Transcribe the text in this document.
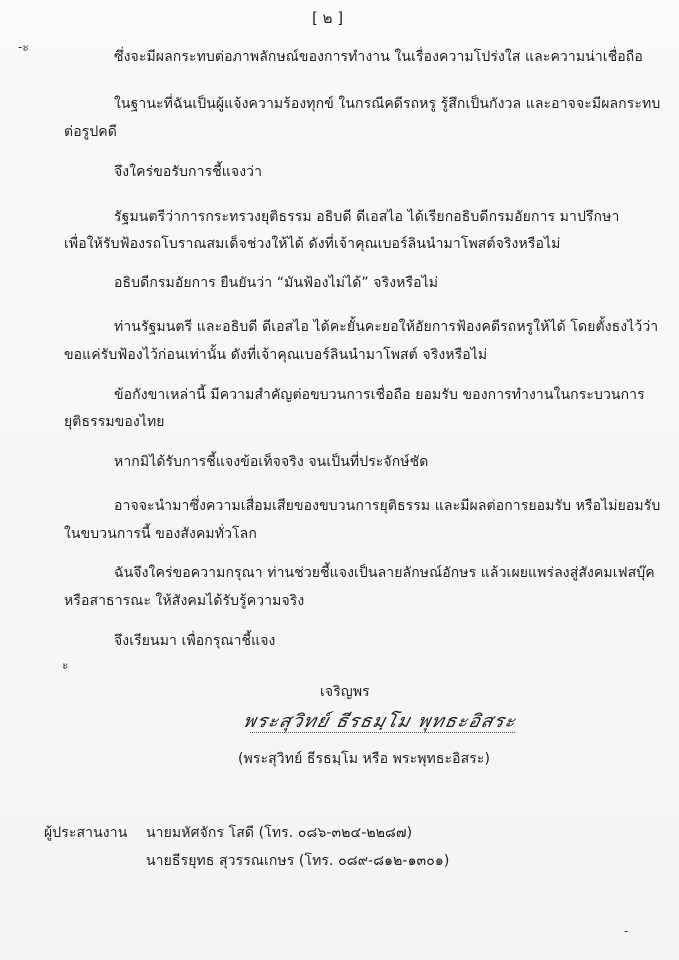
[ ๒ ]
-ะ
ซึ่งจะมีผลกระทบต่อภาพลักษณ์ของการทำงาน ในเรื่องความโปร่งใส และความน่าเชื่อถือ
ในฐานะที่ฉันเป็นผู้แจ้งความร้องทุกข์ ในกรณีคดีรถหรู รู้สึกเป็นกังวล และอาจจะมีผลกระทบ
ต่อรูปคดี
จึงใคร่ขอรับการชี้แจงว่า
รัฐมนตรีว่าการกระทรวงยุติธรรม อธิบดี ดีเอสไอ ได้เรียกอธิบดีกรมอัยการ มาปรึกษา
เพื่อให้รับฟ้องรถโบราณสมเด็จช่วงให้ได้ ดังที่เจ้าคุณเบอร์ลินนำมาโพสต์จริงหรือไม่
อธิบดีกรมอัยการ ยืนยันว่า “มันฟ้องไม่ได้” จริงหรือไม่
ท่านรัฐมนตรี และอธิบดี ดีเอสไอ ได้คะยั้นคะยอให้อัยการฟ้องคดีรถหรูให้ได้ โดยตั้งธงไว้ว่า
ขอแค่รับฟ้องไว้ก่อนเท่านั้น ดังที่เจ้าคุณเบอร์ลินนำมาโพสต์ จริงหรือไม่
ข้อกังขาเหล่านี้ มีความสำคัญต่อขบวนการเชื่อถือ ยอมรับ ของการทำงานในกระบวนการ
ยุติธรรมของไทย
หากมิได้รับการชี้แจงข้อเท็จจริง จนเป็นที่ประจักษ์ชัด
อาจจะนำมาซึ่งความเสื่อมเสียของขบวนการยุติธรรม และมีผลต่อการยอมรับ หรือไม่ยอมรับ
ในขบวนการนี้ ของสังคมทั่วโลก
ฉันจึงใคร่ขอความกรุณา ท่านช่วยชี้แจงเป็นลายลักษณ์อักษร แล้วเผยแพร่ลงสู่สังคมเฟสบุ๊ค
หรือสาธารณะ ให้สังคมได้รับรู้ความจริง
จึงเรียนมา เพื่อกรุณาชี้แจง
ะ
เจริญพร
พระสุวิทย์ ธีรธมฺโม พุทธะอิสระ
(พระสุวิทย์ ธีรธมฺโม หรือ พระพุทธะอิสระ)
ผู้ประสานงาน นายมหัศจักร โสดี (โทร. ๐๘๖-๓๒๔-๒๒๘๗)
นายธีรยุทธ สุวรรณเกษร (โทร. ๐๘๙-๘๑๒-๑๓๐๑)
-
